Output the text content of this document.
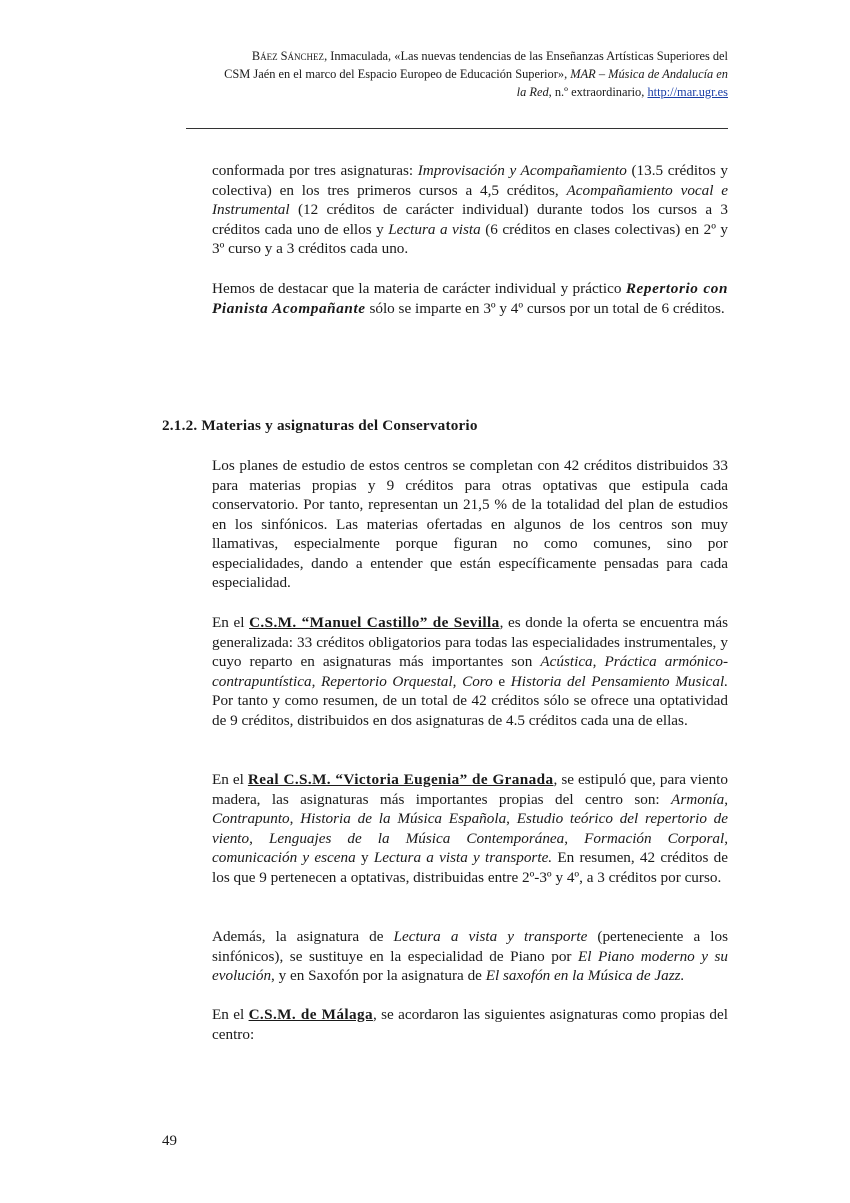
Báez Sánchez, Inmaculada, «Las nuevas tendencias de las Enseñanzas Artísticas Superiores del
CSM Jaén en el marco del Espacio Europeo de Educación Superior», MAR – Música de Andalucía en
la Red, n.º extraordinario, http://mar.ugr.es

conformada por tres asignaturas: Improvisación y Acompañamiento (13.5 créditos y colectiva) en los tres primeros cursos a 4,5 créditos, Acompañamiento vocal e Instrumental (12 créditos de carácter individual) durante todos los cursos a 3 créditos cada uno de ellos y Lectura a vista (6 créditos en clases colectivas) en 2º y 3º curso y a 3 créditos cada uno.

Hemos de destacar que la materia de carácter individual y práctico Repertorio con Pianista Acompañante sólo se imparte en 3º y 4º cursos por un total de 6 créditos.

2.1.2. Materias y asignaturas del Conservatorio

Los planes de estudio de estos centros se completan con 42 créditos distribuidos 33 para materias propias y 9 créditos para otras optativas que estipula cada conservatorio. Por tanto, representan un 21,5 % de la totalidad del plan de estudios en los sinfónicos. Las materias ofertadas en algunos de los centros son muy llamativas, especialmente porque figuran no como comunes, sino por especialidades, dando a entender que están específicamente pensadas para cada especialidad.

En el C.S.M. “Manuel Castillo” de Sevilla, es donde la oferta se encuentra más generalizada: 33 créditos obligatorios para todas las especialidades instrumentales, y cuyo reparto en asignaturas más importantes son Acústica, Práctica armónico-contrapuntística, Repertorio Orquestal, Coro e Historia del Pensamiento Musical. Por tanto y como resumen, de un total de 42 créditos sólo se ofrece una optatividad de 9 créditos, distribuidos en dos asignaturas de 4.5 créditos cada una de ellas.

En el Real C.S.M. “Victoria Eugenia” de Granada, se estipuló que, para viento madera, las asignaturas más importantes propias del centro son: Armonía, Contrapunto, Historia de la Música Española, Estudio teórico del repertorio de viento, Lenguajes de la Música Contemporánea, Formación Corporal, comunicación y escena y Lectura a vista y transporte. En resumen, 42 créditos de los que 9 pertenecen a optativas, distribuidas entre 2º-3º y 4º, a 3 créditos por curso.

Además, la asignatura de Lectura a vista y transporte (perteneciente a los sinfónicos), se sustituye en la especialidad de Piano por El Piano moderno y su evolución, y en Saxofón por la asignatura de El saxofón en la Música de Jazz.

En el C.S.M. de Málaga, se acordaron las siguientes asignaturas como propias del centro:

49
